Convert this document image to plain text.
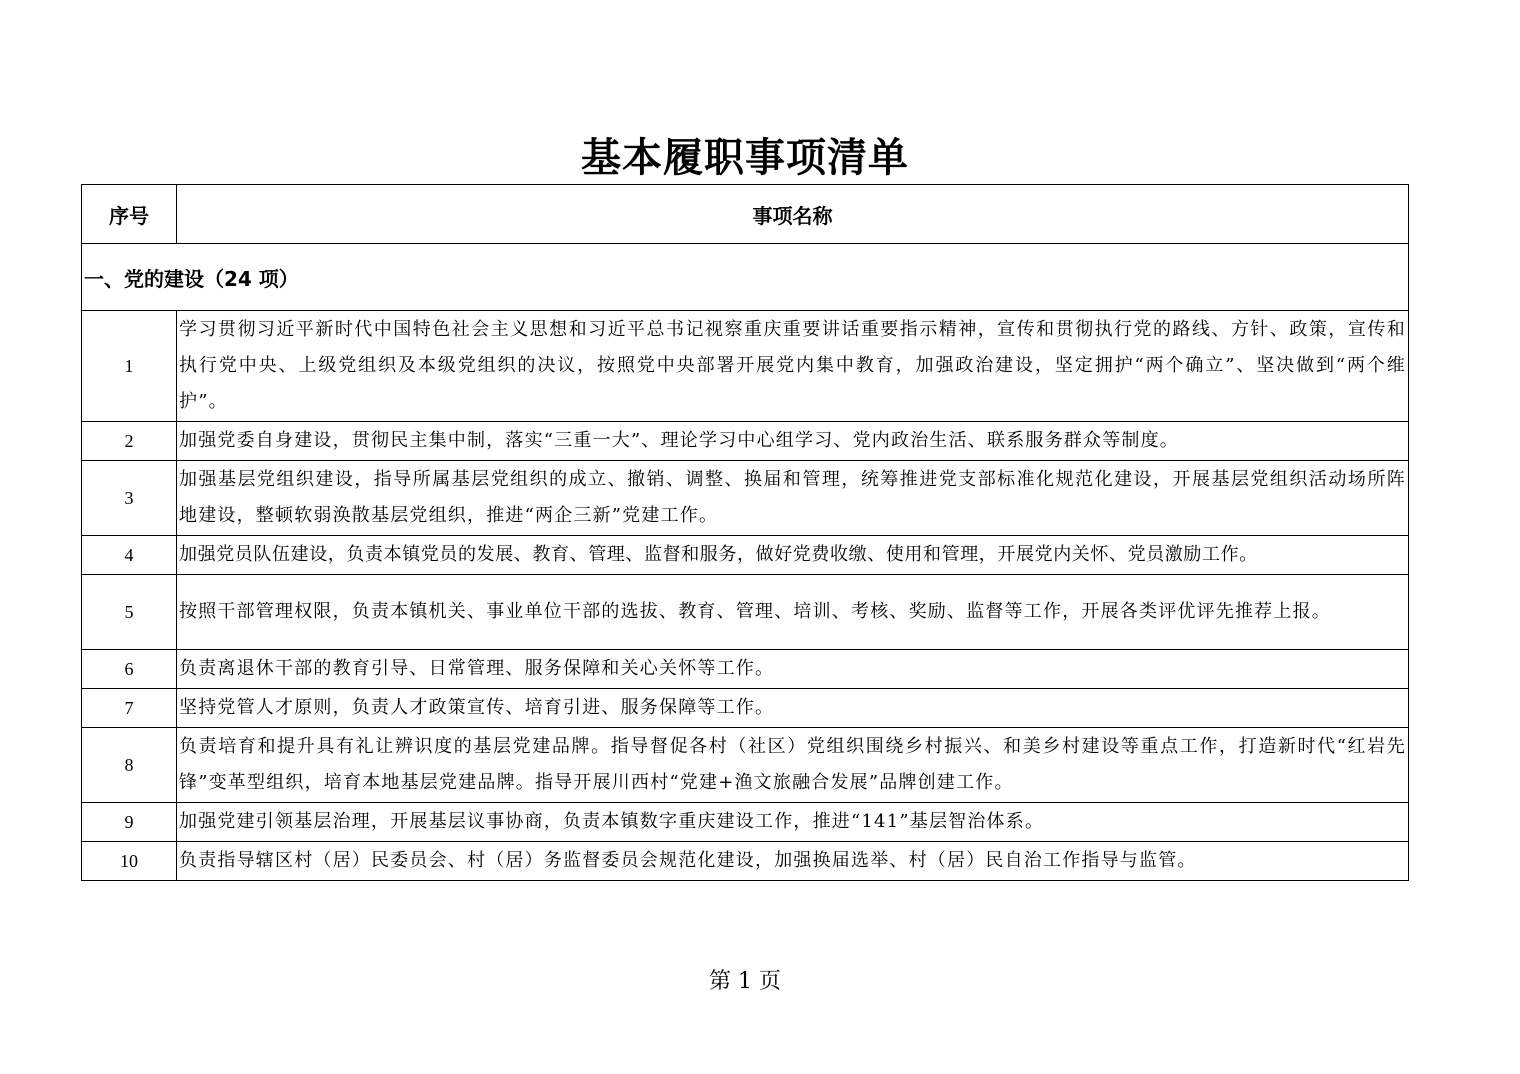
基本履职事项清单
序号	事项名称
一、党的建设（24 项）	
1	学习贯彻习近平新时代中国特色社会主义思想和习近平总书记视察重庆重要讲话重要指示精神，宣传和贯彻执行党的路线、方针、政策，宣传和执行党中央、上级党组织及本级党组织的决议，按照党中央部署开展党内集中教育，加强政治建设，坚定拥护“两个确立”、坚决做到“两个维护”。
2	加强党委自身建设，贯彻民主集中制，落实“三重一大”、理论学习中心组学习、党内政治生活、联系服务群众等制度。
3	加强基层党组织建设，指导所属基层党组织的成立、撤销、调整、换届和管理，统筹推进党支部标准化规范化建设，开展基层党组织活动场所阵地建设，整顿软弱涣散基层党组织，推进“两企三新”党建工作。
4	加强党员队伍建设，负责本镇党员的发展、教育、管理、监督和服务，做好党费收缴、使用和管理，开展党内关怀、党员激励工作。
5	按照干部管理权限，负责本镇机关、事业单位干部的选拔、教育、管理、培训、考核、奖励、监督等工作，开展各类评优评先推荐上报。
6	负责离退休干部的教育引导、日常管理、服务保障和关心关怀等工作。
7	坚持党管人才原则，负责人才政策宣传、培育引进、服务保障等工作。
8	负责培育和提升具有礼让辨识度的基层党建品牌。指导督促各村（社区）党组织围绕乡村振兴、和美乡村建设等重点工作，打造新时代“红岩先锋”变革型组织，培育本地基层党建品牌。指导开展川西村“党建+渔文旅融合发展”品牌创建工作。
9	加强党建引领基层治理，开展基层议事协商，负责本镇数字重庆建设工作，推进“141”基层智治体系。
10	负责指导辖区村（居）民委员会、村（居）务监督委员会规范化建设，加强换届选举、村（居）民自治工作指导与监管。
第 1 页
